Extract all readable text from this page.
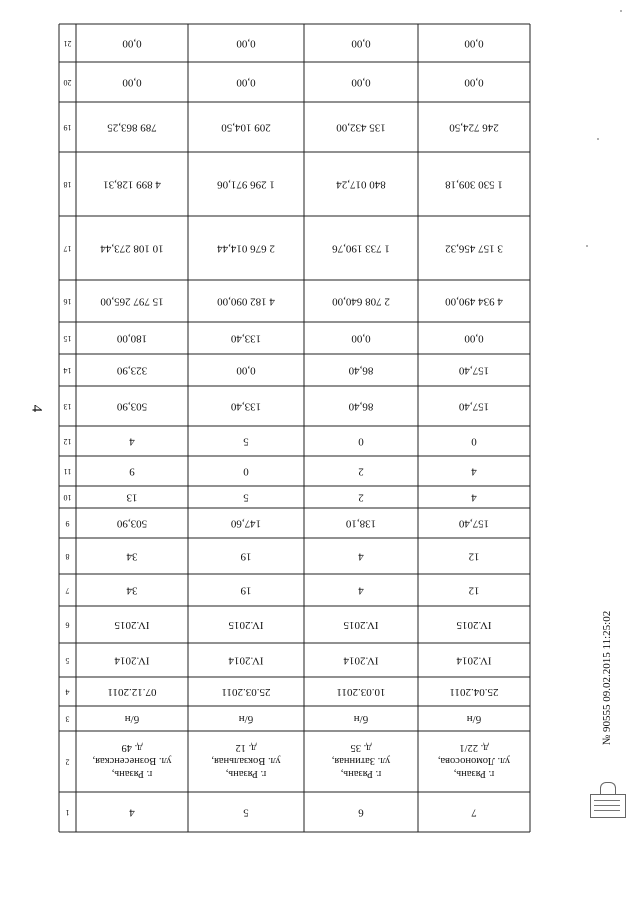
4
1
2
3
4
5
6
7
8
9
10
11
12
13
14
15
16
17
18
19
20
21
4
г. Рязань,ул. Вознесенская,д. 49
б/н
07.12.2011
IV.2014
IV.2015
34
34
503,90
13
9
4
503,90
323,90
180,00
15 797 265,00
10 108 273,44
4 899 128,31
789 863,25
0,00
0,00
5
г. Рязань,ул. Вокзальная,д. 12
б/н
25.03.2011
IV.2014
IV.2015
19
19
147,60
5
0
5
133,40
0,00
133,40
4 182 090,00
2 676 014,44
1 296 971,06
209 104,50
0,00
0,00
6
г. Рязань,ул. Затинная,д. 35
б/н
10.03.2011
IV.2014
IV.2015
4
4
138,10
2
2
0
86,40
86,40
0,00
2 708 640,00
1 733 190,76
840 017,24
135 432,00
0,00
0,00
7
г. Рязань,ул. Ломоносова,д. 22/1
б/н
25.04.2011
IV.2014
IV.2015
12
12
157,40
4
4
0
157,40
157,40
0,00
4 934 490,00
3 157 456,32
1 530 309,18
246 724,50
0,00
0,00
№ 90555 09.02.2015 11:25:02
